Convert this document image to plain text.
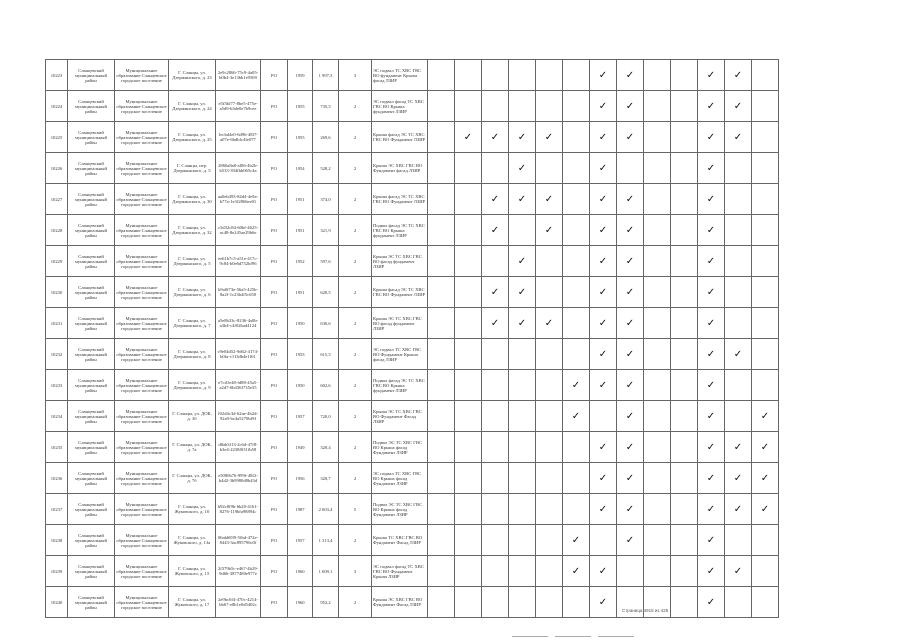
10223	Сланцевский муниципальный район	Муниципальное образование Сланцевское городское поселение	Г. Сланцы, ул. Дзержинского, д. 23	2e9c2866-75c9-4a05-b0b4-3e13bb1e9569	РО	1959	1 997,3	3	ЭС подвал ТС ХВС ГВС ВО фундамент Крыша фасад ЛЗИР							✓	✓			✓	✓	
10224	Сланцевский муниципальный район	Муниципальное образование Сланцевское городское поселение	Г. Сланцы, ул. Дзержинского, д. 24	e5f3bf77-8be5-475e-a5d9-b3de0e7b9cee	РО	1955	735,5	2	ЭС подвал фасад ТС ХВС ГВС ВО Крыша фундамент ЛЗИР							✓	✓			✓	✓	
10225	Сланцевский муниципальный район	Муниципальное образование Сланцевское городское поселение	Г. Сланцы, ул. Дзержинского, д. 25	1ecbd4e0-6d96-48f7-a07e-6bdbfc4fe077	РО	1955	269,6	2	Крыша фасад ЭС ТС ХВС ГВС ВО Фундамент ЛЗИР		✓	✓	✓	✓		✓	✓			✓	✓	
10226	Сланцевский муниципальный район	Муниципальное образование Сланцевское городское поселение	Г. Сланцы, пер. Дзержинского, д. 5	2860a8a8-af06-4b2b-b533-394fbb065c4a	РО	1954	528,2	2	Крыша ЭС ХВС ГВС ВО Фундамент фасад ЛЗИР				✓			✓				✓		
10227	Сланцевский муниципальный район	Муниципальное образование Сланцевское городское поселение	Г. Сланцы, ул. Дзержинского, д. 30	aa0eb493-84d4-4e9a-b77a-1e3f2866ee01	РО	1951	374,0	2	Крыша фасад ЭС ТС ХВС ГВС ВО Фундамент ЛЗИР			✓	✓	✓		✓	✓			✓		
10228	Сланцевский муниципальный район	Муниципальное образование Сланцевское городское поселение	Г. Сланцы, ул. Дзержинского, д. 32	c5d32c84-60bf-4625-ac48-8e245ae29b6e	РО	1951	321,9	2	Подвал фасад ЭС ТС ХВС ГВС ВО Крыша фундамент ЛЗИР			✓		✓		✓	✓			✓		
10229	Сланцевский муниципальный район	Муниципальное образование Сланцевское городское поселение	Г. Сланцы, ул. Дзержинского, д. 5	ee61b7c5-a51e-417c-9c84-b0e6d752bf96	РО	1952	597,6	2	Крыша ЭС ТС ХВС ГВС ВО фасад фундамент ЛЗИР				✓			✓	✓			✓		
10230	Сланцевский муниципальный район	Муниципальное образование Сланцевское городское поселение	Г. Сланцы, ул. Дзержинского, д. 6	b9a0f73e-56a5-425b-8a2f-1c23b4f5c658	РО	1951	620,5	2	Крыша фасад ЭС ТС ХВС ГВС ВО Фундамент ЛЗИР			✓	✓			✓	✓			✓		
10231	Сланцевский муниципальный район	Муниципальное образование Сланцевское городское поселение	Г. Сланцы, ул. Дзержинского, д. 7	a5e8b33c-8236-4a0b-a3b4-c4f02bad4124	РО	1950	630,6	2	Крыша ЭС ТС ХВС ГВС ВО фасад фундамент ЛЗИР			✓	✓	✓		✓	✓			✓		
10232	Сланцевский муниципальный район	Муниципальное образование Сланцевское городское поселение	Г. Сланцы, ул. Дзержинского, д. 8	c9e04d52-9d62-4174-b0fa-c113db4e1f61	РО	1953	615,5	2	ЭС подвал ТС ХВС ГВС ВО Фундамент Крыша фасад ЛЗИР							✓	✓			✓	✓	
10233	Сланцевский муниципальный район	Муниципальное образование Сланцевское городское поселение	Г. Сланцы, ул. Дзержинского, д. 9	e7cd1e48-fd88-45a5-a2d7-6b436f735e35	РО	1950	602,6	2	Подвал фасад ЭС ТС ХВС ГВС ВО Крыша фундамент ЛЗИР						✓	✓	✓			✓		
10234	Сланцевский муниципальный район	Муниципальное образование Сланцевское городское поселение	Г. Сланцы, ул. ДОК, д. 3б	f02d4c3d-62ae-4b2d-92a9-bc4a5270bf9f	РО	1957	720,0	2	Крыша ЭС ТС ХВС ГВС ВО Фундамент Фасад ЛЗИР						✓		✓			✓		✓
10235	Сланцевский муниципальный район	Муниципальное образование Сланцевское городское поселение	Г. Сланцы, ул. ДОК, д. 7а	d8ab3f13-2c6d-47f8-b3e4-2238f031fb58	РО	1949	320,4	2	Подвал ЭС ТС ХВС ГВС ВО Крыша фасад Фундамент ЛЗИР							✓	✓			✓	✓	✓
10236	Сланцевский муниципальный район	Муниципальное образование Сланцевское городское поселение	Г. Сланцы, ул. ДОК, д. 7б	e5080b76-999f-48f2-b4d2-3b9980d8b43d	РО	1956	320,7	2	ЭС подвал ТС ХВС ГВС ВО Крыша фасад Фундамент ЛЗИР							✓	✓			✓	✓	✓
10237	Сланцевский муниципальный район	Муниципальное образование Сланцевское городское поселение	Г. Сланцы, ул. Жуковского, д. 10	b92c8f9b-6b20-4161-8276-119bfa98894c	РО	1987	2 603,4	5	Подвал ЭС ТС ХВС ГВС ВО Крыша фасад Фундамент ЛЗИР							✓	✓			✓	✓	✓
10238	Сланцевский муниципальный район	Муниципальное образование Сланцевское городское поселение	Г. Сланцы, ул. Жуковского, д. 13а	06ab6839-5fbd-472e-8443-3ac895796c0f	РО	1957	1 313,4	2	Крыша ТС ХВС ГВС ВО Фундамент Фасад ЛЗИР						✓		✓			✓		
10239	Сланцевский муниципальный район	Муниципальное образование Сланцевское городское поселение	Г. Сланцы, ул. Жуковского, д. 15	2f379b5c-e467-4b29-9d66-3877480e977e	РО	1960	1 609,1	3	ЭС подвал фасад ТС ХВС ГВС ВО Фундамент Крыша ЛЗИР						✓	✓				✓	✓	
10240	Сланцевский муниципальный район	Муниципальное образование Сланцевское городское поселение	Г. Сланцы, ул. Жуковского, д. 17	2e9bc0f4-470c-4214-bb67-e8b1e0d5402c	РО	1960	952,2	2	Крыша ЭС ХВС ГВС ВО Фундамент Фасад ЛЗИР							✓				✓		
Страница 4915 из 425
